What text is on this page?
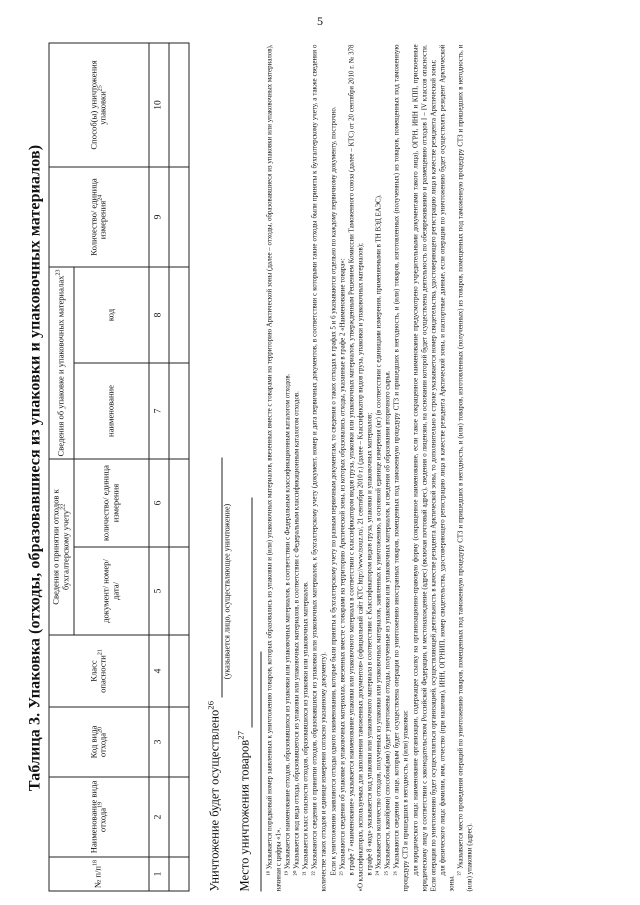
5
Таблица 3. Упаковка (отходы, образовавшиеся из упаковки и упаковочных материалов)
№ $п/п^{18}$	Наименование вида отхода$^{19}$	Код вида отхода$^{20}$	Класс опасности$^{21}$	Сведения о принятии отходов к бухгалтерскому учету$^{22}$		Сведения об упаковке и упаковочных материалах$^{23}$		Количество/ единица измерения$^{24}$	Способ(ы) уничтожения упаковки$^{25}$
				документ/ номер/ дата/	количество/ единица измерения	наименование	код		
1	2	3	4	5	6	7	8	9	10

Уничтожение будет осуществлено$^{26}$
(указывается лицо, осуществляющее уничтожение)
Место уничтожения товаров$^{27}$	¹⁸ Указывается порядковый номер заявленных к уничтожению товаров, которых образовались из упаковки и (или) упаковочных материалов, ввезенных вместе с товарами на территорию Арктической зоны (далее – отходы, образовавшиеся из упаковки или упаковочных материалов), начиная с цифры «1». ¹⁹ Указывается наименование отходов, образовавшихся из упаковки или упаковочных материалов, в соответствии с Федеральным классификационным каталогом отходов. ²⁰ Указывается код вида отхода, образовавшегося из упаковки или упаковочных материалов, в соответствии с Федеральным классификационным каталогом отходов. ²¹ Указывается класс опасности отходов, образовавшихся из упаковки или упаковочных материалов. ²² Указываются сведения о принятии отходов, образовавшихся из упаковки или упаковочных материалов, к бухгалтерскому учету (документ, номер и дата первичных документов, в соответствии с которыми такие отходы были приняты к бухгалтерскому учету, а также сведения о количестве таких отходов и единице измерения согласно указанному документу). Если к уничтожению заявляются отходы одного наименования, которые были приняты к бухгалтерскому учету по разным первичным документам, то сведения о таких отходах в графах 5 и 6 указываются отдельно по каждому первичному документу, построчно. ²³ Указываются сведения об упаковке и упаковочных материалах, ввезенных вместе с товарами на территорию Арктической зоны, из которых образовались отходы, указанные в графе 2 «Наименование товара»: в графе 7 «наименование» указывается наименование упаковки или упаковочного материала в соответствии с классификатором видов груза, упаковки или упаковочных материалов, утвержденным Решением Комиссии Таможенного союза (далее – КТС) от 20 сентября 2010 г. № 378 «О классификаторах, используемых для заполнения таможенных документов» (официальный сайт КТС http://www.tsouz.ru/, 21 сентября 2010 г.) (далее – Классификатор видов груза, упаковки и упаковочных материалов); в графе 8 «код» указывается код упаковки или упаковочного материала в соответствии с Классификатором видов груза, упаковки и упаковочных материалов; ²⁴ Указывается количество отходов, полученных из упаковки или упаковочных материалов, заявленных к уничтожению, в основной единице измерения (кг) (в соответствии с единицами измерения, применяемыми в ТН ВЭД ЕАЭС). ²⁵ Указывается, какой(ими) способом(ами) будет уничтожены отходы, полученные из упаковки или упаковочных материалов, и сведения об образовании вторичного сырья. ²⁶ Указываются сведения о лице, которым будет осуществлена операция по уничтожению иностранных товаров, помещенных под таможенную процедуру СТЗ и пришедших в негодность, и (или) товаров, изготовленных (полученных) из товаров, помещенных под таможенную процедуру СТЗ и пришедших в негодность, и (или) упаковки: для юридического лица: наименование организации, содержащее ссылку на организационно-правовую форму (сокращенное наименование, если такое сокращенное наименование предусмотрено учредительными документами такого лица), ОГРН, ИНН и КПП, присвоенные юридическому лицу в соответствии с законодательством Российской Федерации, и местонахождение (адрес) (включая почтовый адрес), сведения о лицензии, на основании которой будет осуществлена деятельность по обезвреживанию и размещению отходов I – IV классов опасности. Если операция по уничтожению будет осуществляться организацией, осуществляющей деятельность в качестве резидента Арктической зоны, то дополнительно в строке указывается номер свидетельства, удостоверяющего регистрацию лица в качестве резидента Арктической зоны; для физического лица: фамилия, имя, отчество (при наличии), ИНН, ОГРНИП, номер свидетельства, удостоверяющего регистрацию лица в качестве резидента Арктической зоны, и паспортные данные, если операции по уничтожению будет осуществлять резидент Арктической зоны.

²⁷ Указывается место проведения операций по уничтожению товаров, помещенных под таможенную процедуру СТЗ и пришедших в негодность, и (или) товаров, изготовленных (полученных) из товаров, помещенных под таможенную процедуру СТЗ и пришедших в негодность, и (или) упаковки (адрес).
